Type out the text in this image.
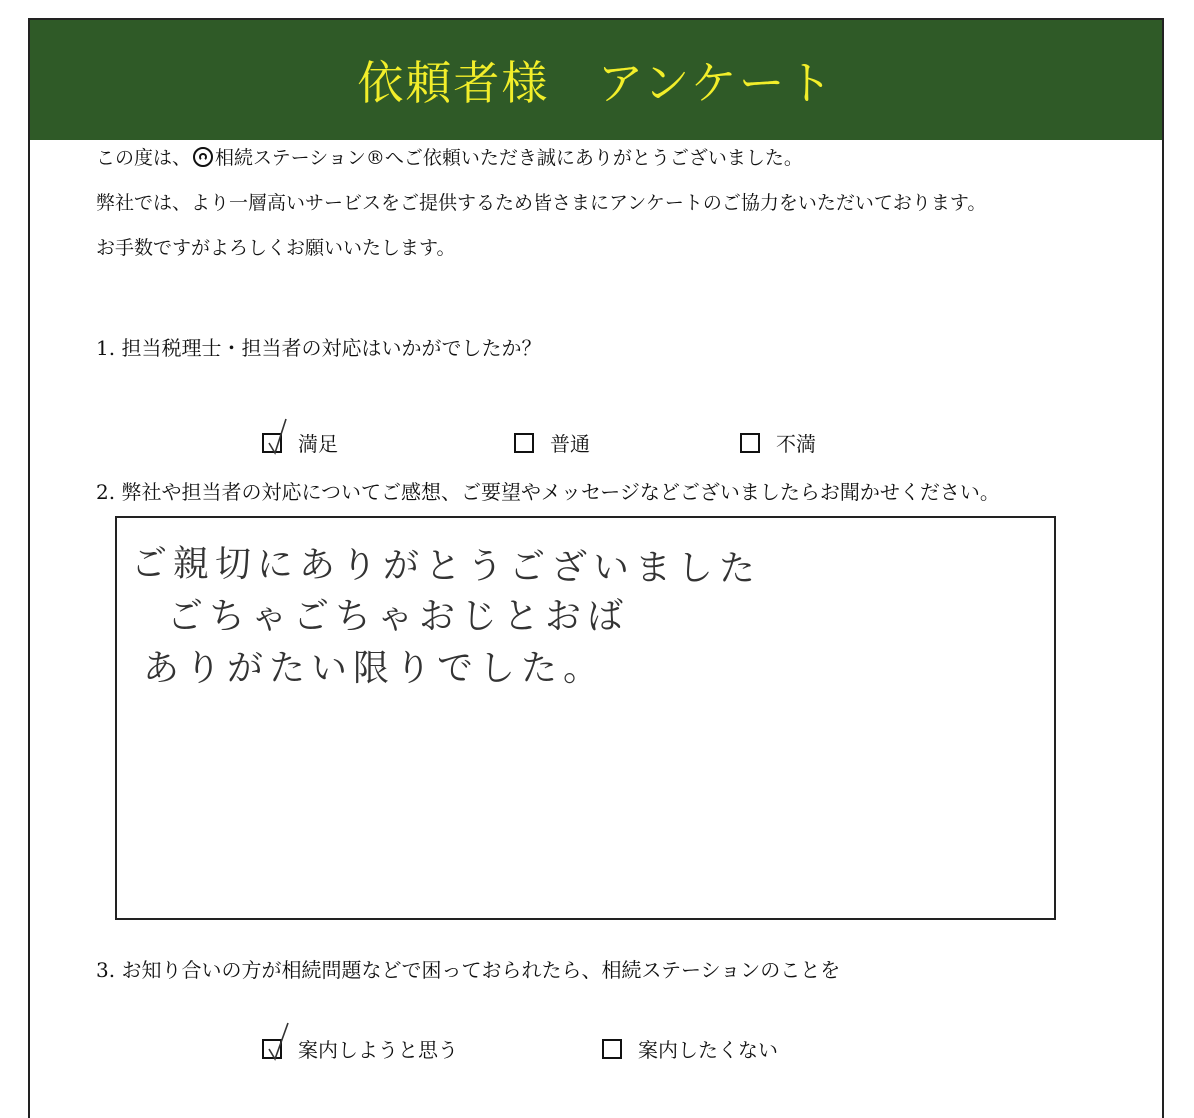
依頼者様　アンケート

この度は、 相続ステーション®へご依頼いただき誠にありがとうございました。

弊社では、より一層高いサービスをご提供するため皆さまにアンケートのご協力をいただいております。

お手数ですがよろしくお願いいたします。

1. 担当税理士・担当者の対応はいかがでしたか？
満足	普通	不満
2. 弊社や担当者の対応についてご感想、ご要望やメッセージなどございましたらお聞かせください。
ご親切にありがとうございました
ごちゃごちゃおじとおば
ありがたい限りでした。
3. お知り合いの方が相続問題などで困っておられたら、相続ステーションのことを
案内しようと思う	案内したくない
